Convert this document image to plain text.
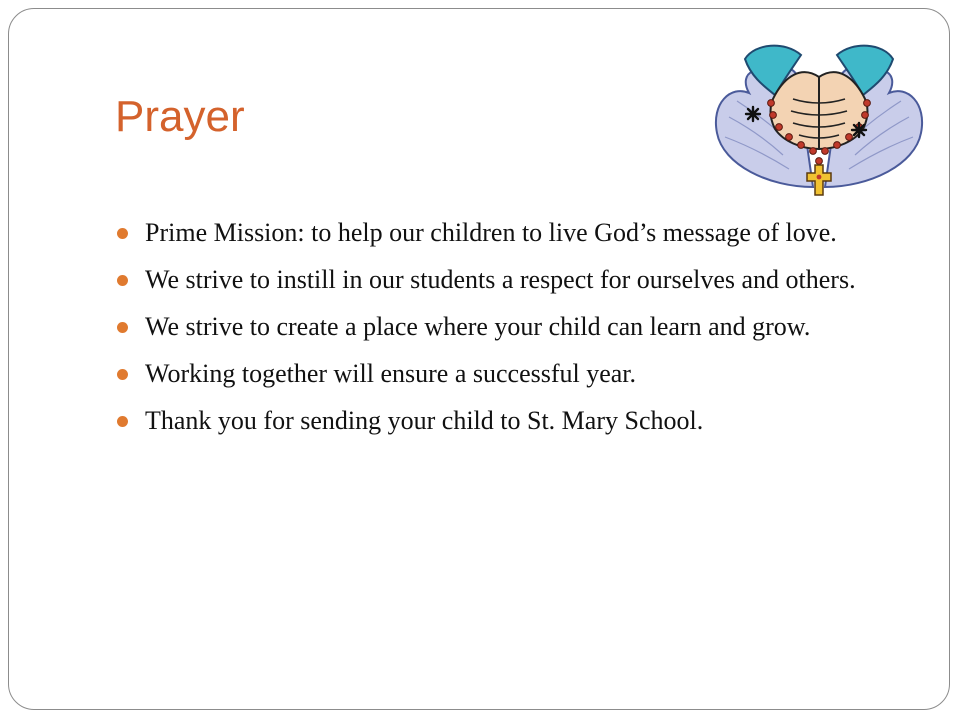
Prayer
Prime Mission: to help our children to live God’s message of love.
We strive to instill in our students a respect for ourselves and others.
We strive to create a place where your child can learn and grow.
Working together will ensure a successful year.
Thank you for sending your child to St. Mary School.
